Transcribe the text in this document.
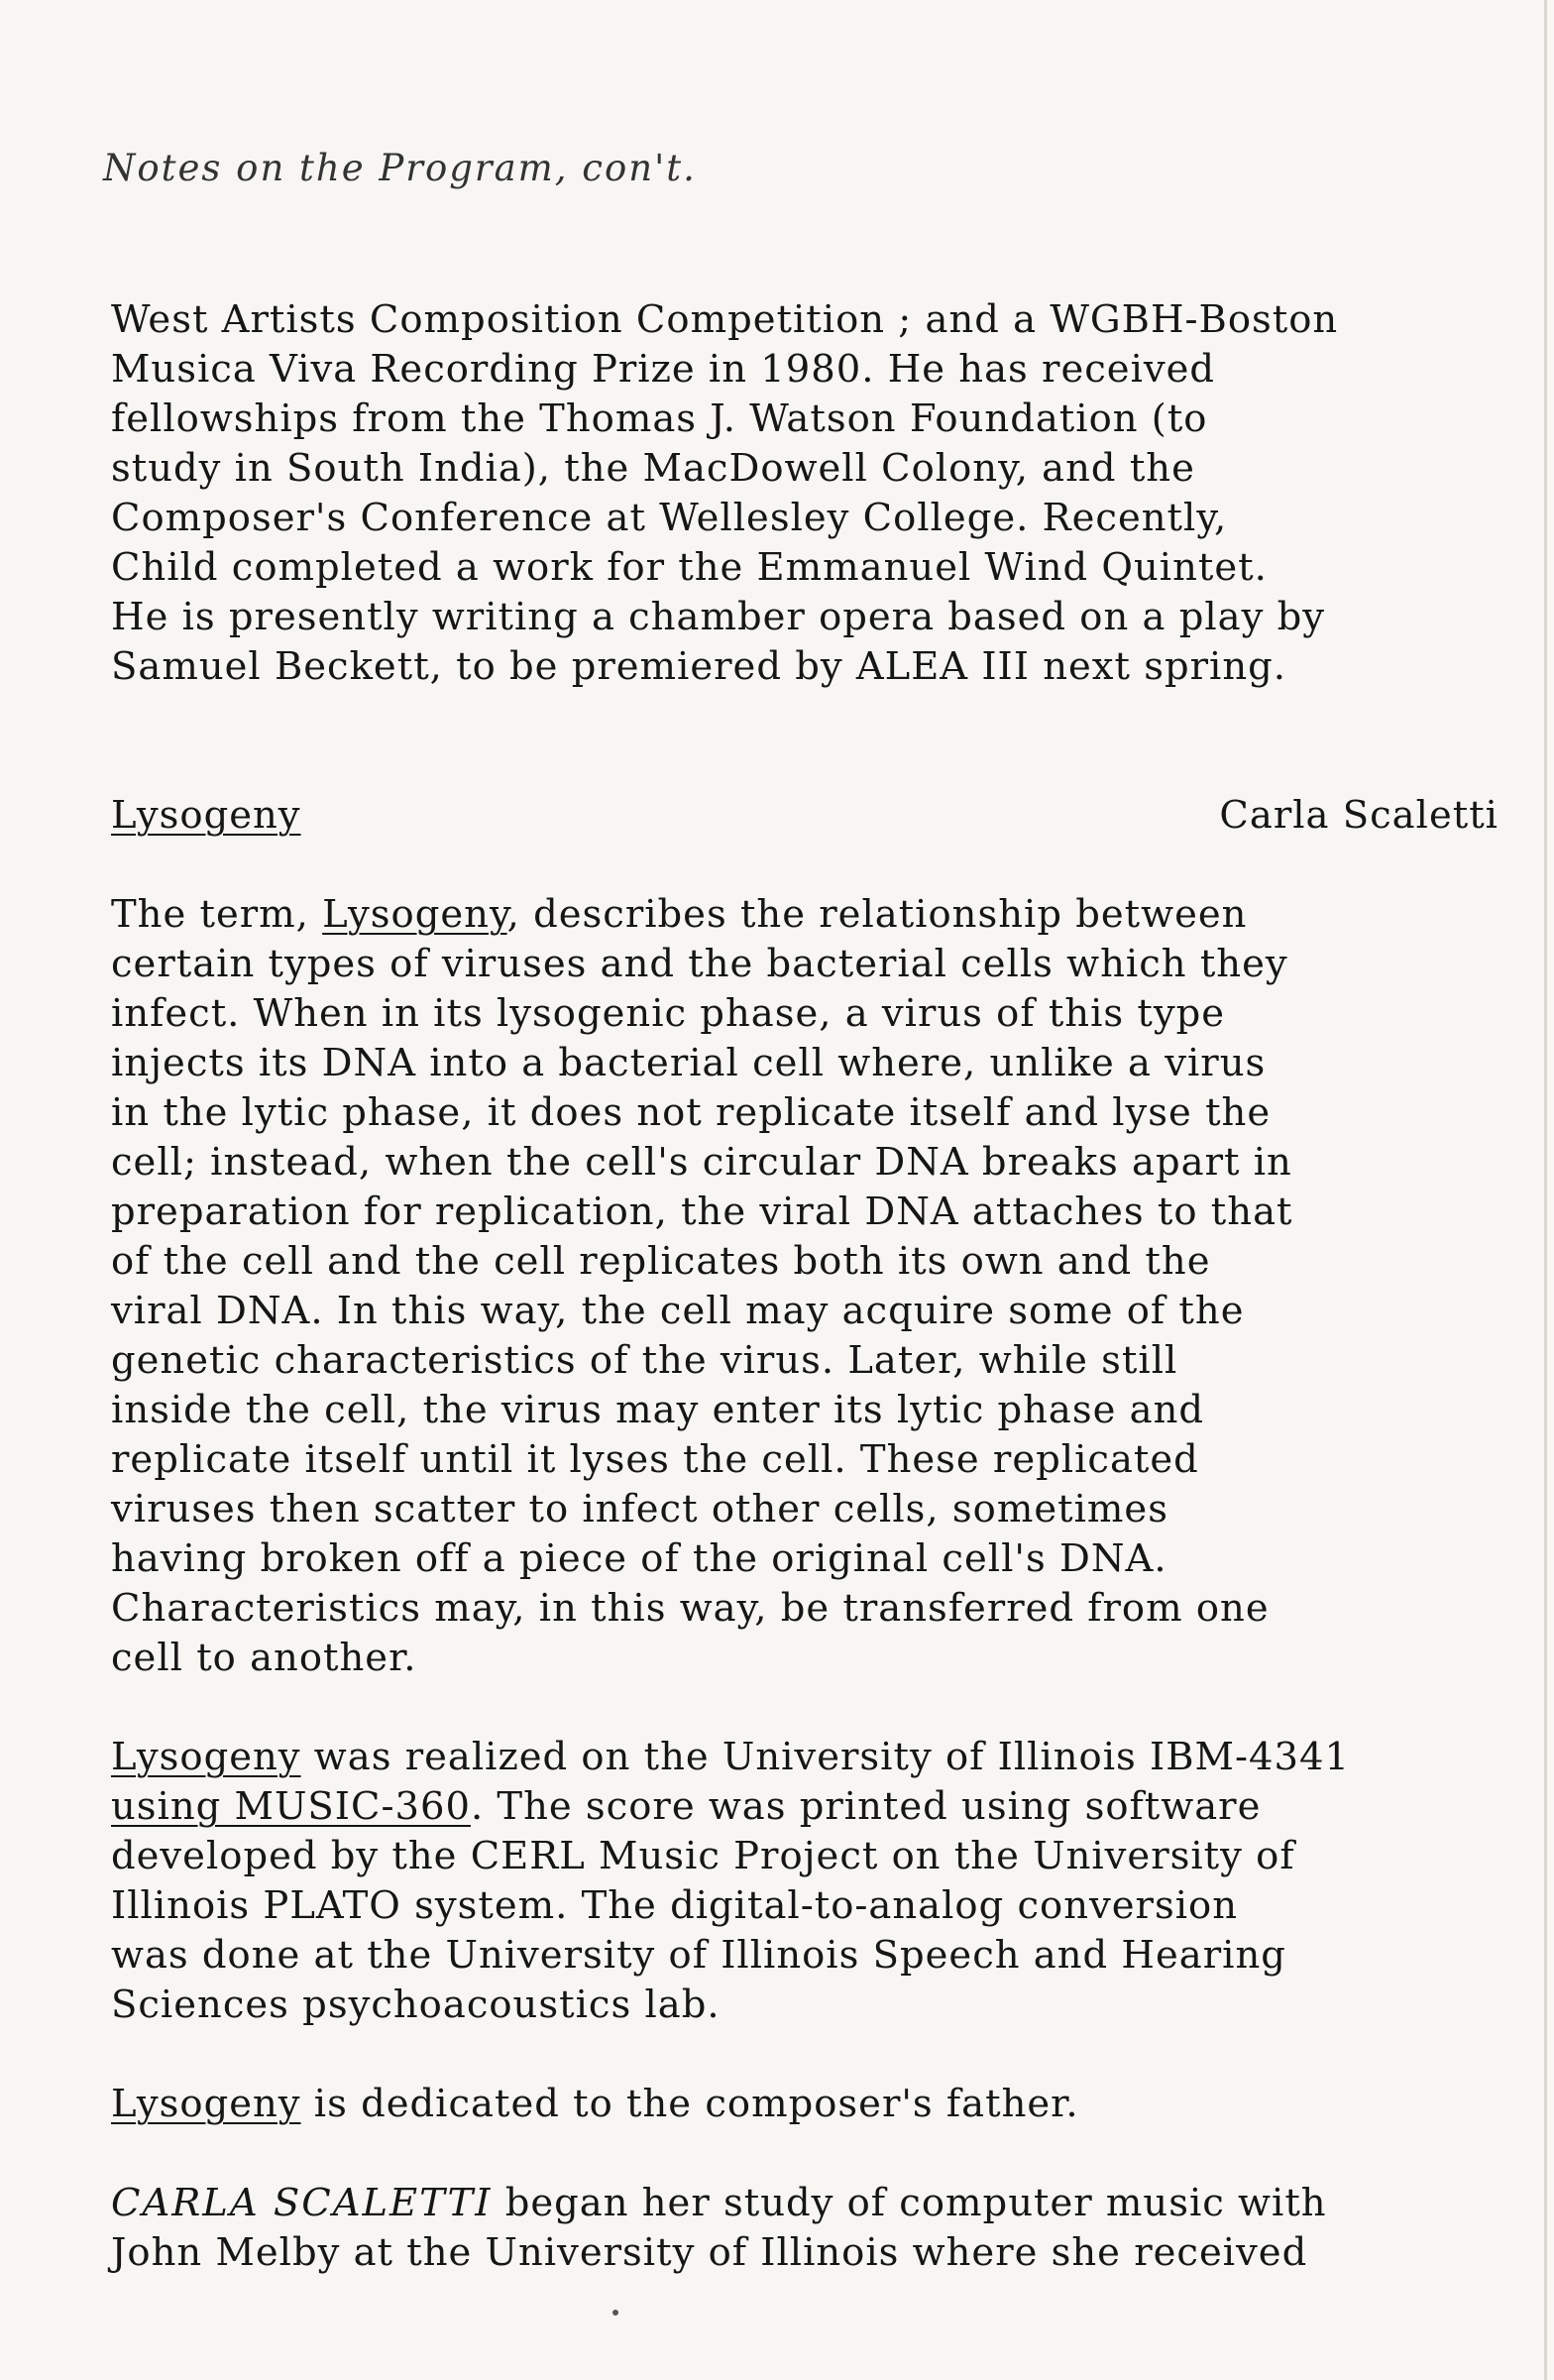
Notes on the Program, con't.
West Artists Composition Competition ; and a WGBH-Boston
Musica Viva Recording Prize in 1980. He has received
fellowships from the Thomas J. Watson Foundation (to
study in South India), the MacDowell Colony, and the
Composer's Conference at Wellesley College. Recently,
Child completed a work for the Emmanuel Wind Quintet.
He is presently writing a chamber opera based on a play by
Samuel Beckett, to be premiered by ALEA III next spring.
Lysogeny	Carla Scaletti
The term, Lysogeny, describes the relationship between
certain types of viruses and the bacterial cells which they
infect. When in its lysogenic phase, a virus of this type
injects its DNA into a bacterial cell where, unlike a virus
in the lytic phase, it does not replicate itself and lyse the
cell; instead, when the cell's circular DNA breaks apart in
preparation for replication, the viral DNA attaches to that
of the cell and the cell replicates both its own and the
viral DNA. In this way, the cell may acquire some of the
genetic characteristics of the virus. Later, while still
inside the cell, the virus may enter its lytic phase and
replicate itself until it lyses the cell. These replicated
viruses then scatter to infect other cells, sometimes
having broken off a piece of the original cell's DNA.
Characteristics may, in this way, be transferred from one
cell to another.
Lysogeny was realized on the University of Illinois IBM-4341
using MUSIC-360. The score was printed using software
developed by the CERL Music Project on the University of
Illinois PLATO system. The digital-to-analog conversion
was done at the University of Illinois Speech and Hearing
Sciences psychoacoustics lab.
Lysogeny is dedicated to the composer's father.
CARLA SCALETTI began her study of computer music with
John Melby at the University of Illinois where she received
